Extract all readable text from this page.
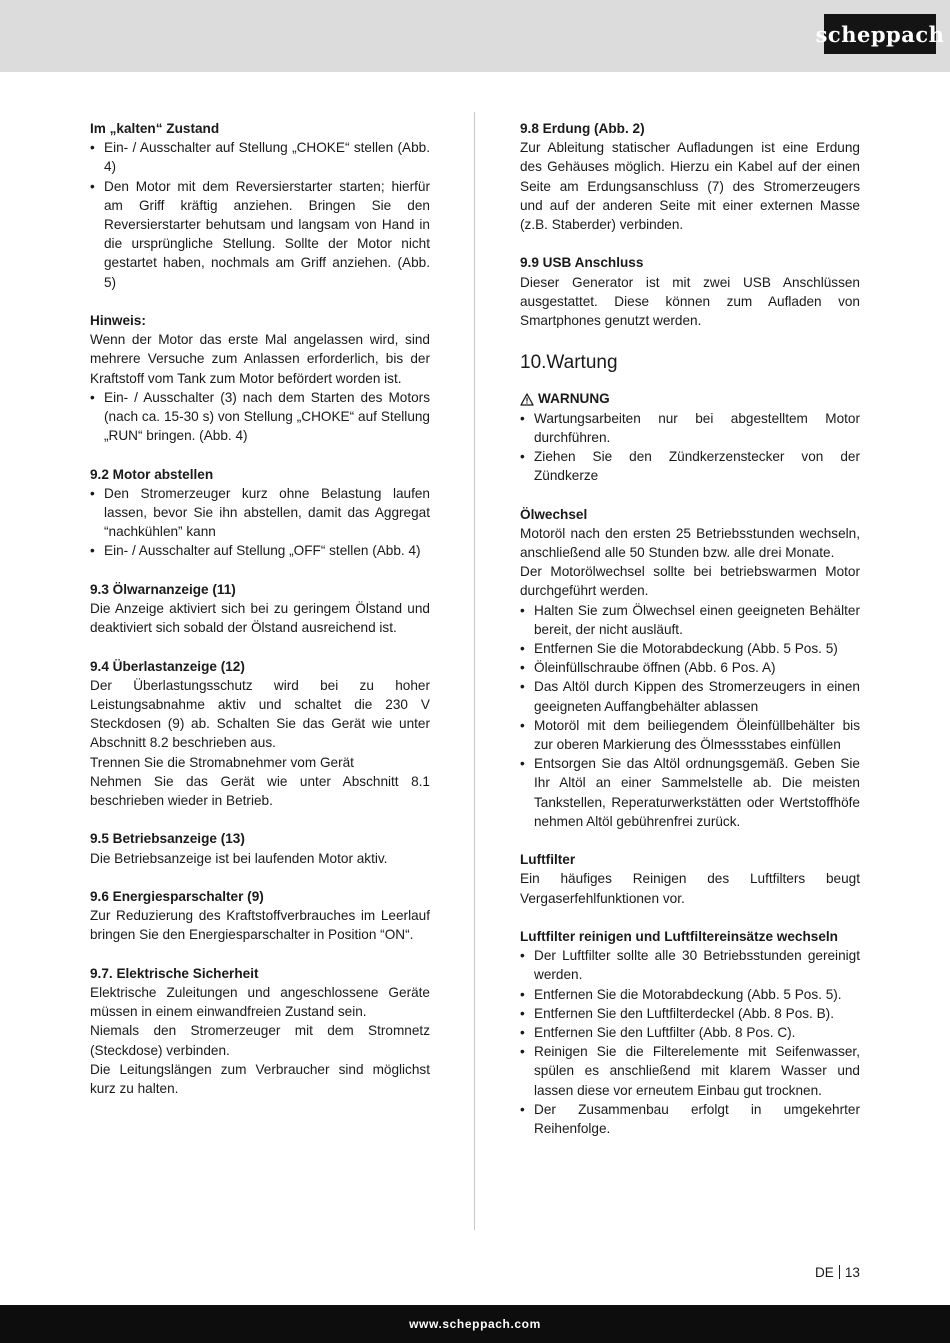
scheppach
Im „kalten“ Zustand
• Ein- / Ausschalter auf Stellung „CHOKE“ stellen (Abb. 4)
• Den Motor mit dem Reversierstarter starten; hierfür am Griff kräftig anziehen. Bringen Sie den Reversierstarter behutsam und langsam von Hand in die ursprüngliche Stellung. Sollte der Motor nicht gestartet haben, nochmals am Griff anziehen. (Abb. 5)
Hinweis:

Wenn der Motor das erste Mal angelassen wird, sind mehrere Versuche zum Anlassen erforderlich, bis der Kraftstoff vom Tank zum Motor befördert worden ist.

• Ein- / Ausschalter (3) nach dem Starten des Motors (nach ca. 15-30 s) von Stellung „CHOKE“ auf Stellung „RUN“ bringen. (Abb. 4)
9.2 Motor abstellen
• Den Stromerzeuger kurz ohne Belastung laufen lassen, bevor Sie ihn abstellen, damit das Aggregat “nachkühlen” kann
• Ein- / Ausschalter auf Stellung „OFF“ stellen (Abb. 4)
9.3 Ölwarnanzeige (11)

Die Anzeige aktiviert sich bei zu geringem Ölstand und deaktiviert sich sobald der Ölstand ausreichend ist.

9.4 Überlastanzeige (12)

Der Überlastungsschutz wird bei zu hoher Leistungsabnahme aktiv und schaltet die 230 V Steckdosen (9) ab. Schalten Sie das Gerät wie unter Abschnitt 8.2 beschrieben aus.

Trennen Sie die Stromabnehmer vom Gerät

Nehmen Sie das Gerät wie unter Abschnitt 8.1 beschrieben wieder in Betrieb.

9.5 Betriebsanzeige (13)

Die Betriebsanzeige ist bei laufenden Motor aktiv.

9.6 Energiesparschalter (9)

Zur Reduzierung des Kraftstoffverbrauches im Leerlauf bringen Sie den Energiesparschalter in Position “ON“.

9.7. Elektrische Sicherheit

Elektrische Zuleitungen und angeschlossene Geräte müssen in einem einwandfreien Zustand sein.

Niemals den Stromerzeuger mit dem Stromnetz (Steckdose) verbinden.

Die Leitungslängen zum Verbraucher sind möglichst kurz zu halten.

9.8 Erdung (Abb. 2)

Zur Ableitung statischer Aufladungen ist eine Erdung des Gehäuses möglich. Hierzu ein Kabel auf der einen Seite am Erdungsanschluss (7) des Stromerzeugers und auf der anderen Seite mit einer externen Masse (z.B. Staberder) verbinden.

9.9 USB Anschluss

Dieser Generator ist mit zwei USB Anschlüssen ausgestattet. Diese können zum Aufladen von Smartphones genutzt werden.

10.Wartung
WARNUNG
• Wartungsarbeiten nur bei abgestelltem Motor durchführen.
• Ziehen Sie den Zündkerzenstecker von der Zündkerze
Ölwechsel

Motoröl nach den ersten 25 Betriebsstunden wechseln, anschließend alle 50 Stunden bzw. alle drei Monate.

Der Motorölwechsel sollte bei betriebswarmen Motor durchgeführt werden.

• Halten Sie zum Ölwechsel einen geeigneten Behälter bereit, der nicht ausläuft.
• Entfernen Sie die Motorabdeckung (Abb. 5 Pos. 5)
• Öleinfüllschraube öffnen (Abb. 6 Pos. A)
• Das Altöl durch Kippen des Stromerzeugers in einen geeigneten Auffangbehälter ablassen
• Motoröl mit dem beiliegendem Öleinfüllbehälter bis zur oberen Markierung des Ölmessstabes einfüllen
• Entsorgen Sie das Altöl ordnungsgemäß. Geben Sie Ihr Altöl an einer Sammelstelle ab. Die meisten Tankstellen, Reperaturwerkstätten oder Wertstoffhöfe nehmen Altöl gebührenfrei zurück.
Luftfilter

Ein häufiges Reinigen des Luftfilters beugt Vergaserfehlfunktionen vor.

Luftfilter reinigen und Luftfiltereinsätze wechseln
• Der Luftfilter sollte alle 30 Betriebsstunden gereinigt werden.
• Entfernen Sie die Motorabdeckung (Abb. 5 Pos. 5).
• Entfernen Sie den Luftfilterdeckel (Abb. 8 Pos. B).
• Entfernen Sie den Luftfilter (Abb. 8 Pos. C).
• Reinigen Sie die Filterelemente mit Seifenwasser, spülen es anschließend mit klarem Wasser und lassen diese vor erneutem Einbau gut trocknen.
• Der Zusammenbau erfolgt in umgekehrter Reihenfolge.
DE 13
www.scheppach.com
